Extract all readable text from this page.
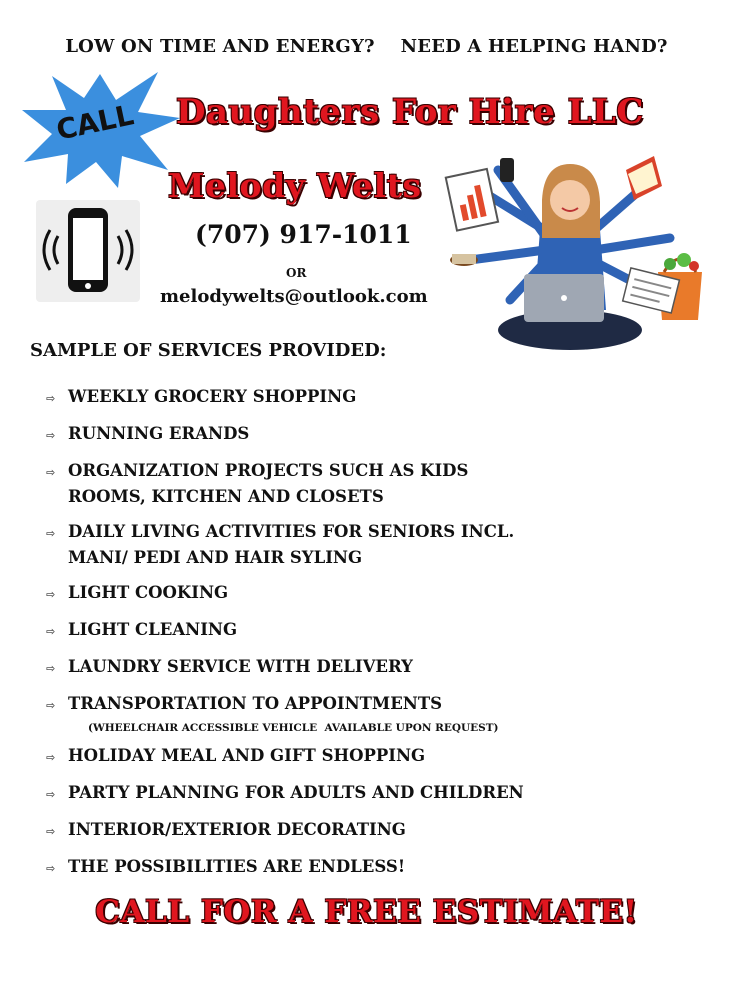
LOW ON TIME AND ENERGY?    NEED A HELPING HAND?
CALL Daughters For Hire LLC
Melody Welts
(707) 917-1011
OR
melodywelts@outlook.com
SAMPLE OF SERVICES PROVIDED:
⇨ WEEKLY GROCERY SHOPPING
⇨ RUNNING ERANDS
⇨ ORGANIZATION PROJECTS SUCH AS KIDS ROOMS, KITCHEN AND CLOSETS
⇨ DAILY LIVING ACTIVITIES FOR SENIORS INCL. MANI/ PEDI AND HAIR SYLING
⇨ LIGHT COOKING
⇨ LIGHT CLEANING
⇨ LAUNDRY SERVICE WITH DELIVERY
⇨ TRANSPORTATION TO APPOINTMENTS
(WHEELCHAIR ACCESSIBLE VEHICLE  AVAILABLE UPON REQUEST)
⇨ HOLIDAY MEAL AND GIFT SHOPPING
⇨ PARTY PLANNING FOR ADULTS AND CHILDREN
⇨ INTERIOR/EXTERIOR DECORATING
⇨ THE POSSIBILITIES ARE ENDLESS!
CALL FOR A FREE ESTIMATE!
